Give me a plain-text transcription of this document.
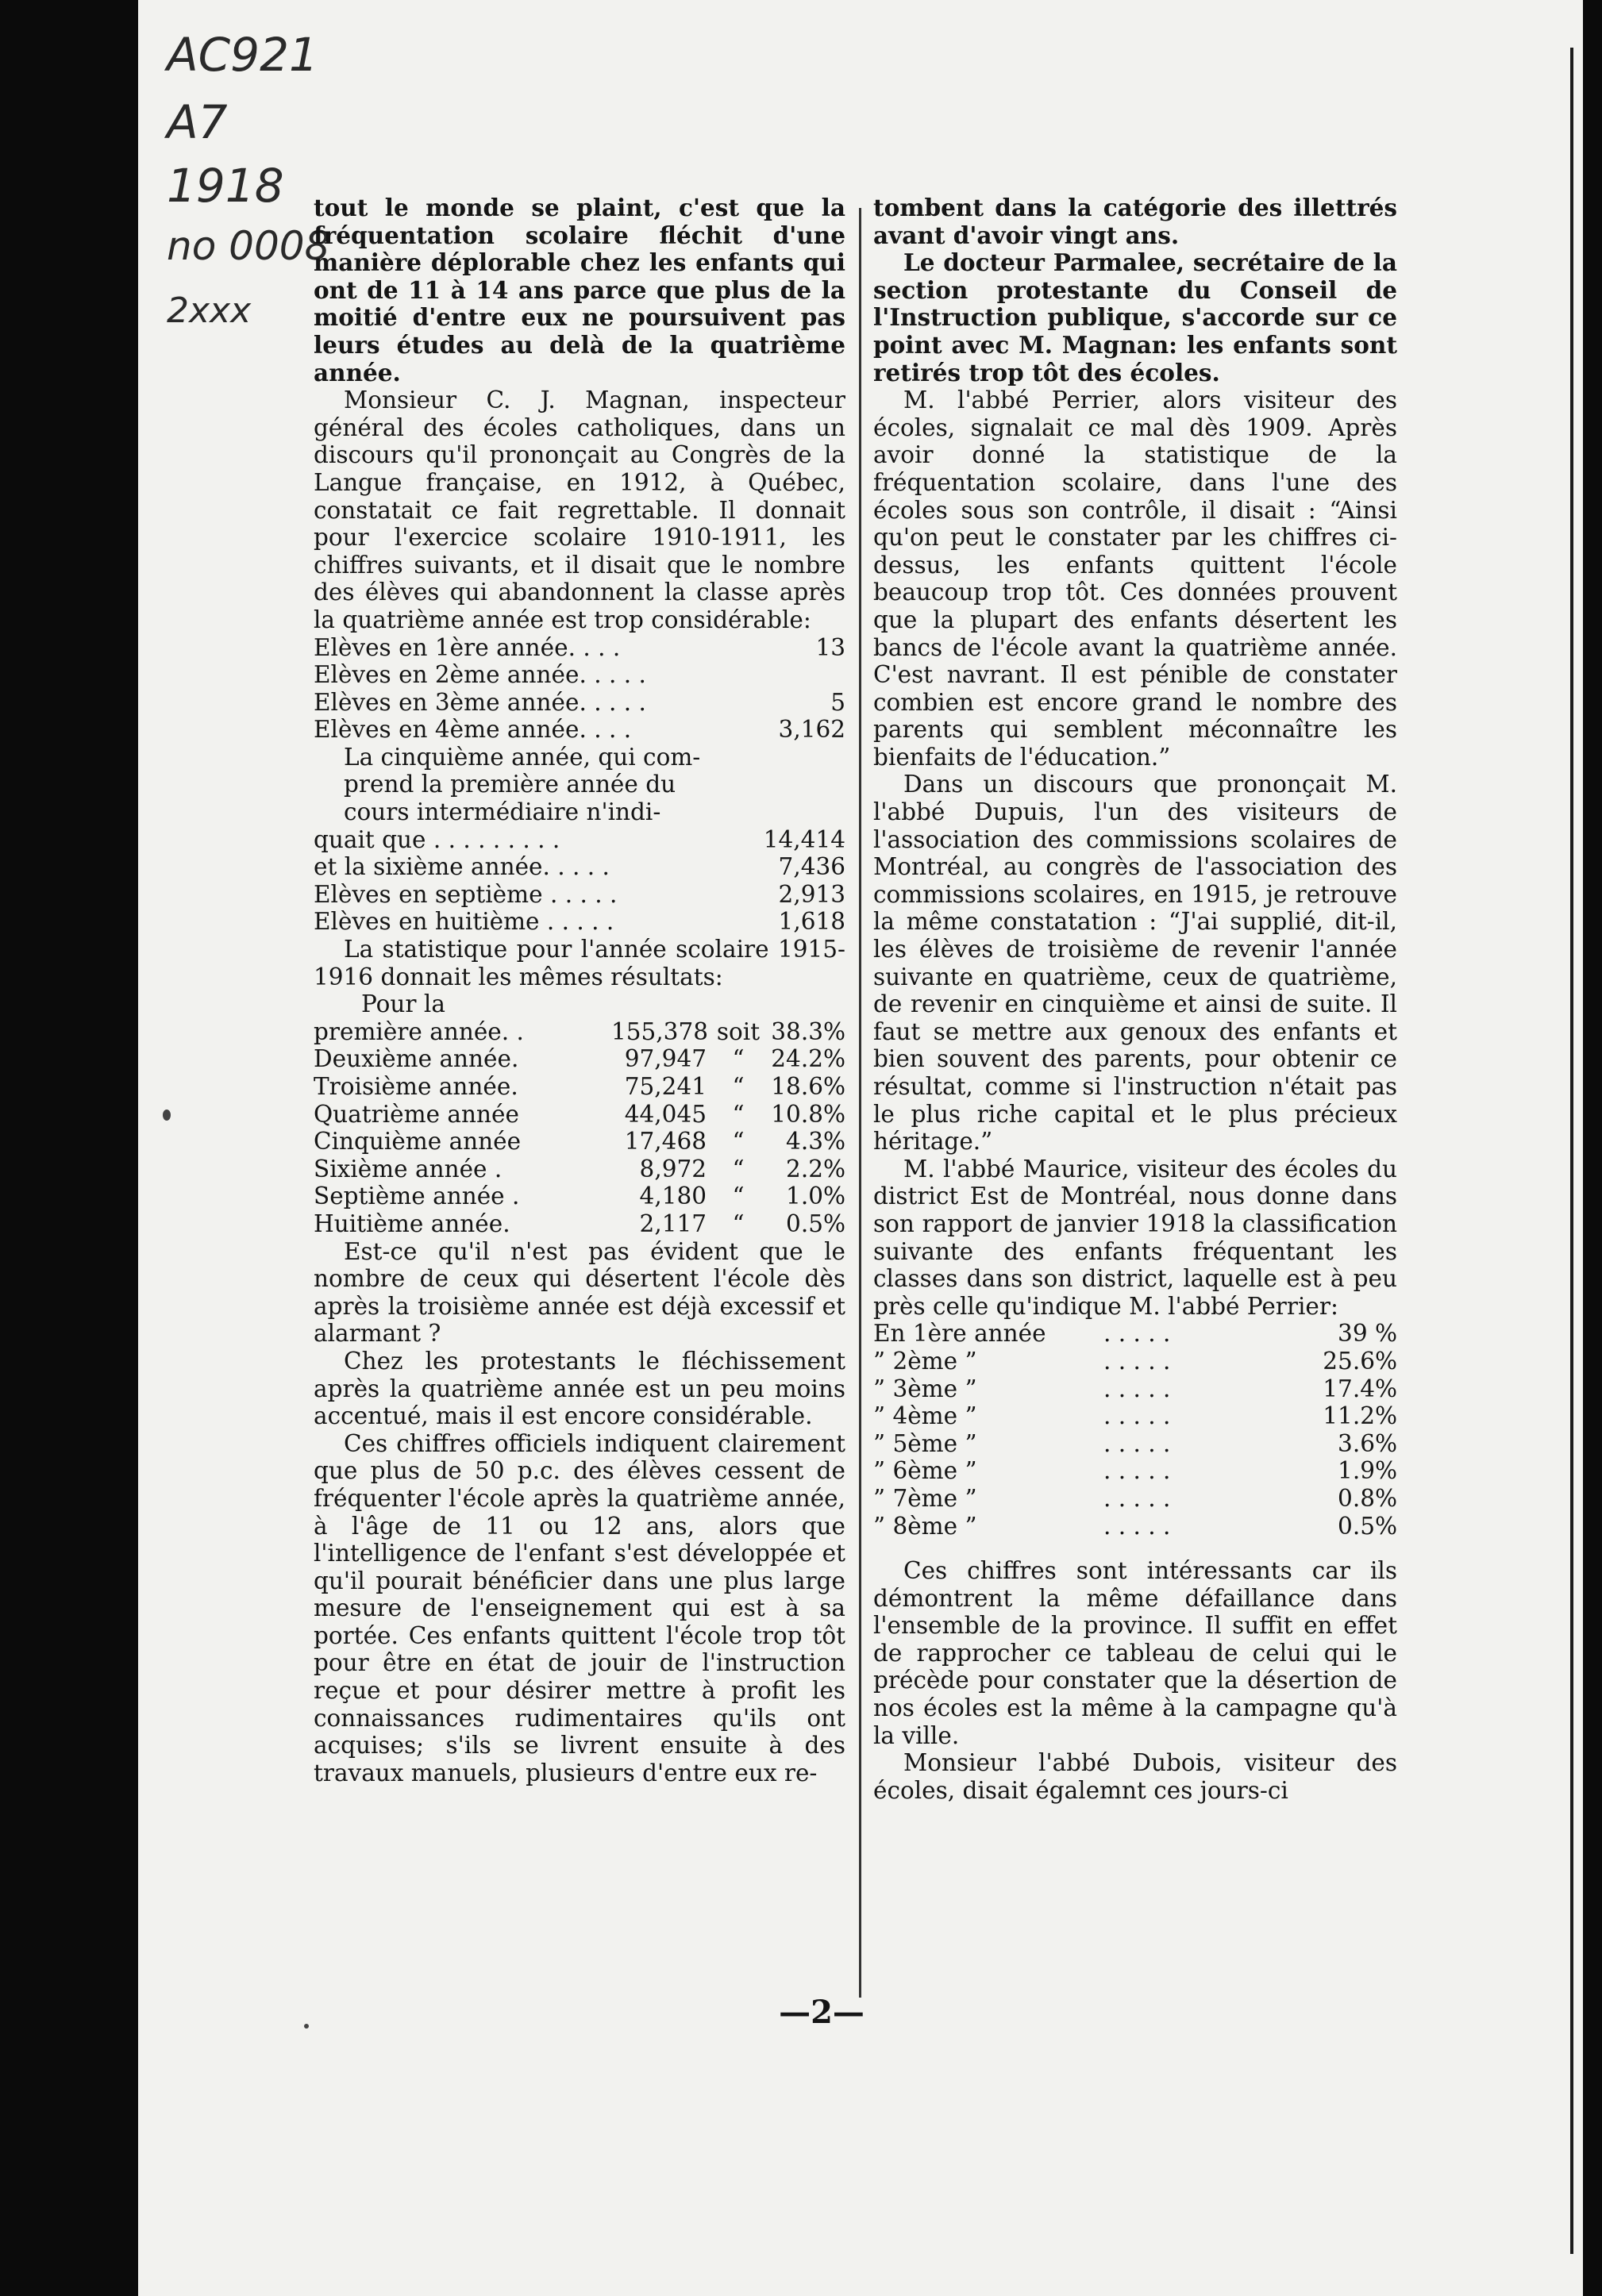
AC921
A7
1918
no 0008
2xxx

tout le monde se plaint, c'est que la fréquentation scolaire fléchit d'une manière déplorable chez les enfants qui ont de 11 à 14 ans parce que plus de la moitié d'entre eux ne poursuivent pas leurs études au delà de la quatrième année.

Monsieur C. J. Magnan, inspecteur général des écoles catholiques, dans un discours qu'il prononçait au Congrès de la Langue française, en 1912, à Québec, constatait ce fait regrettable. Il donnait pour l'exercice scolaire 1910-1911, les chiffres suivants, et il disait que le nombre des élèves qui abandonnent la classe après la quatrième année est trop considérable:

Elèves en 1ère année. . . .	13
Elèves en 2ème année. . . . .
Elèves en 3ème année. . . . .	5
Elèves en 4ème année. . . .	3,162
La cinquième année, qui com-
prend la première année du
cours intermédiaire n'indi-
quait que . . . . . . . . .	14,414
et la sixième année. . . . .	7,436
Elèves en septième . . . . .	2,913
Elèves en huitième . . . . .	1,618

La statistique pour l'année scolaire 1915-1916 donnait les mêmes résultats:

Pour la
première année. .	155,378 soit 38.3%
Deuxième année.	97,947	“	24.2%
Troisième année.	75,241	“	18.6%
Quatrième année	44,045	“	10.8%
Cinquième année	17,468	“	4.3%
Sixième année .	8,972	“	2.2%
Septième année .	4,180	“	1.0%
Huitième année.	2,117	“	0.5%

Est-ce qu'il n'est pas évident que le nombre de ceux qui désertent l'école dès après la troisième année est déjà excessif et alarmant ?

Chez les protestants le fléchissement après la quatrième année est un peu moins accentué, mais il est encore considérable.

Ces chiffres officiels indiquent clairement que plus de 50 p.c. des élèves cessent de fréquenter l'école après la quatrième année, à l'âge de 11 ou 12 ans, alors que l'intelligence de l'enfant s'est développée et qu'il pourait bénéficier dans une plus large mesure de l'enseignement qui est à sa portée. Ces enfants quittent l'école trop tôt pour être en état de jouir de l'instruction reçue et pour désirer mettre à profit les connaissances rudimentaires qu'ils ont acquises; s'ils se livrent ensuite à des travaux manuels, plusieurs d'entre eux re-

tombent dans la catégorie des illettrés avant d'avoir vingt ans.

Le docteur Parmalee, secrétaire de la section protestante du Conseil de l'Instruction publique, s'accorde sur ce point avec M. Magnan: les enfants sont retirés trop tôt des écoles.

M. l'abbé Perrier, alors visiteur des écoles, signalait ce mal dès 1909. Après avoir donné la statistique de la fréquentation scolaire, dans l'une des écoles sous son contrôle, il disait : “Ainsi qu'on peut le constater par les chiffres ci-dessus, les enfants quittent l'école beaucoup trop tôt. Ces données prouvent que la plupart des enfants désertent les bancs de l'école avant la quatrième année. C'est navrant. Il est pénible de constater combien est encore grand le nombre des parents qui semblent méconnaître les bienfaits de l'éducation.”

Dans un discours que prononçait M. l'abbé Dupuis, l'un des visiteurs de l'association des commissions scolaires de Montréal, au congrès de l'association des commissions scolaires, en 1915, je retrouve la même constatation : “J'ai supplié, dit-il, les élèves de troisième de revenir l'année suivante en quatrième, ceux de quatrième, de revenir en cinquième et ainsi de suite. Il faut se mettre aux genoux des enfants et bien souvent des parents, pour obtenir ce résultat, comme si l'instruction n'était pas le plus riche capital et le plus précieux héritage.”

M. l'abbé Maurice, visiteur des écoles du district Est de Montréal, nous donne dans son rapport de janvier 1918 la classification suivante des enfants fréquentant les classes dans son district, laquelle est à peu près celle qu'indique M. l'abbé Perrier:

En 1ère année	. . . . .	39 %
” 2ème ”	. . . . .	25.6%
” 3ème ”	. . . . .	17.4%
” 4ème ”	. . . . .	11.2%
” 5ème ”	. . . . .	3.6%
” 6ème ”	. . . . .	1.9%
” 7ème ”	. . . . .	0.8%
” 8ème ”	. . . . .	0.5%

Ces chiffres sont intéressants car ils démontrent la même défaillance dans l'ensemble de la province. Il suffit en effet de rapprocher ce tableau de celui qui le précède pour constater que la désertion de nos écoles est la même à la campagne qu'à la ville.

Monsieur l'abbé Dubois, visiteur des écoles, disait égalemnt ces jours-ci

—2—
